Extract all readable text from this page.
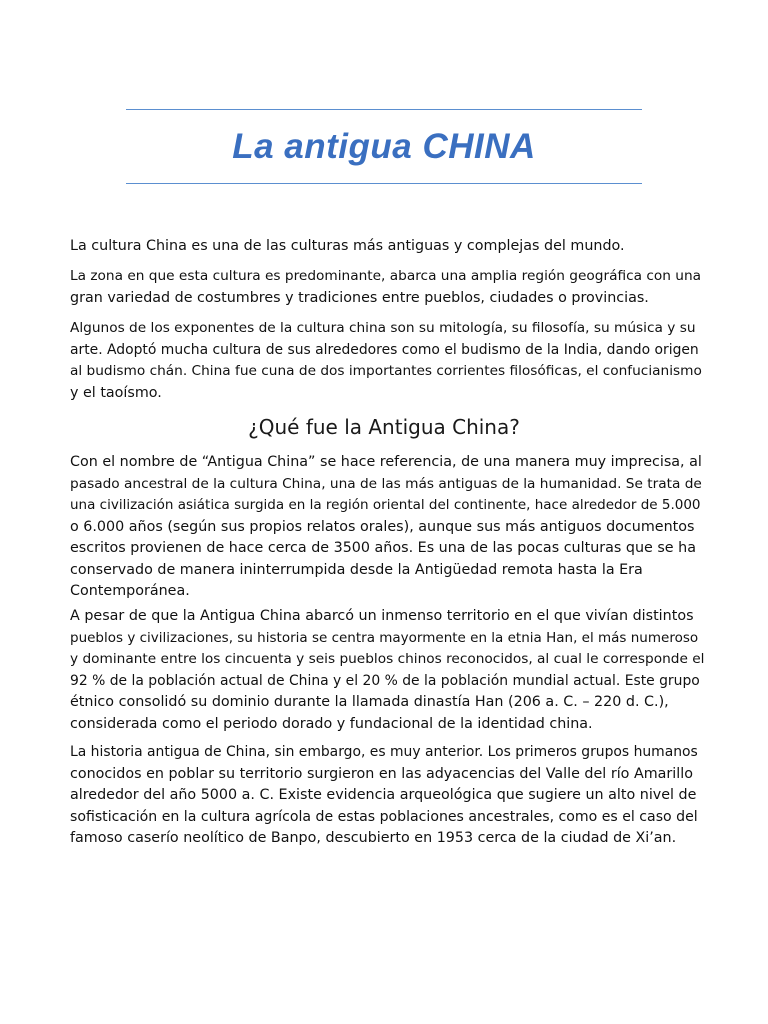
La antigua CHINA

La cultura China es una de las culturas más antiguas y complejas del mundo.

La zona en que esta cultura es predominante, abarca una amplia región geográfica con una

gran variedad de costumbres y tradiciones entre pueblos, ciudades o provincias.

Algunos de los exponentes de la cultura china son su mitología, su filosofía, su música y su

arte. Adoptó mucha cultura de sus alrededores como el budismo de la India, dando origen

al budismo chán. China fue cuna de dos importantes corrientes filosóficas, el confucianismo

y el taoísmo.

¿Qué fue la Antigua China?

Con el nombre de “Antigua China” se hace referencia, de una manera muy imprecisa, al

pasado ancestral de la cultura China, una de las más antiguas de la humanidad. Se trata de

una civilización asiática surgida en la región oriental del continente, hace alrededor de 5.000

o 6.000 años (según sus propios relatos orales), aunque sus más antiguos documentos

escritos provienen de hace cerca de 3500 años. Es una de las pocas culturas que se ha

conservado de manera ininterrumpida desde la Antigüedad remota hasta la Era

Contemporánea.

A pesar de que la Antigua China abarcó un inmenso territorio en el que vivían distintos

pueblos y civilizaciones, su historia se centra mayormente en la etnia Han, el más numeroso

y dominante entre los cincuenta y seis pueblos chinos reconocidos, al cual le corresponde el

92 % de la población actual de China y el 20 % de la población mundial actual. Este grupo

étnico consolidó su dominio durante la llamada dinastía Han (206 a. C. – 220 d. C.),

considerada como el periodo dorado y fundacional de la identidad china.

La historia antigua de China, sin embargo, es muy anterior. Los primeros grupos humanos

conocidos en poblar su territorio surgieron en las adyacencias del Valle del río Amarillo

alrededor del año 5000 a. C. Existe evidencia arqueológica que sugiere un alto nivel de

sofisticación en la cultura agrícola de estas poblaciones ancestrales, como es el caso del

famoso caserío neolítico de Banpo, descubierto en 1953 cerca de la ciudad de Xi’an.
